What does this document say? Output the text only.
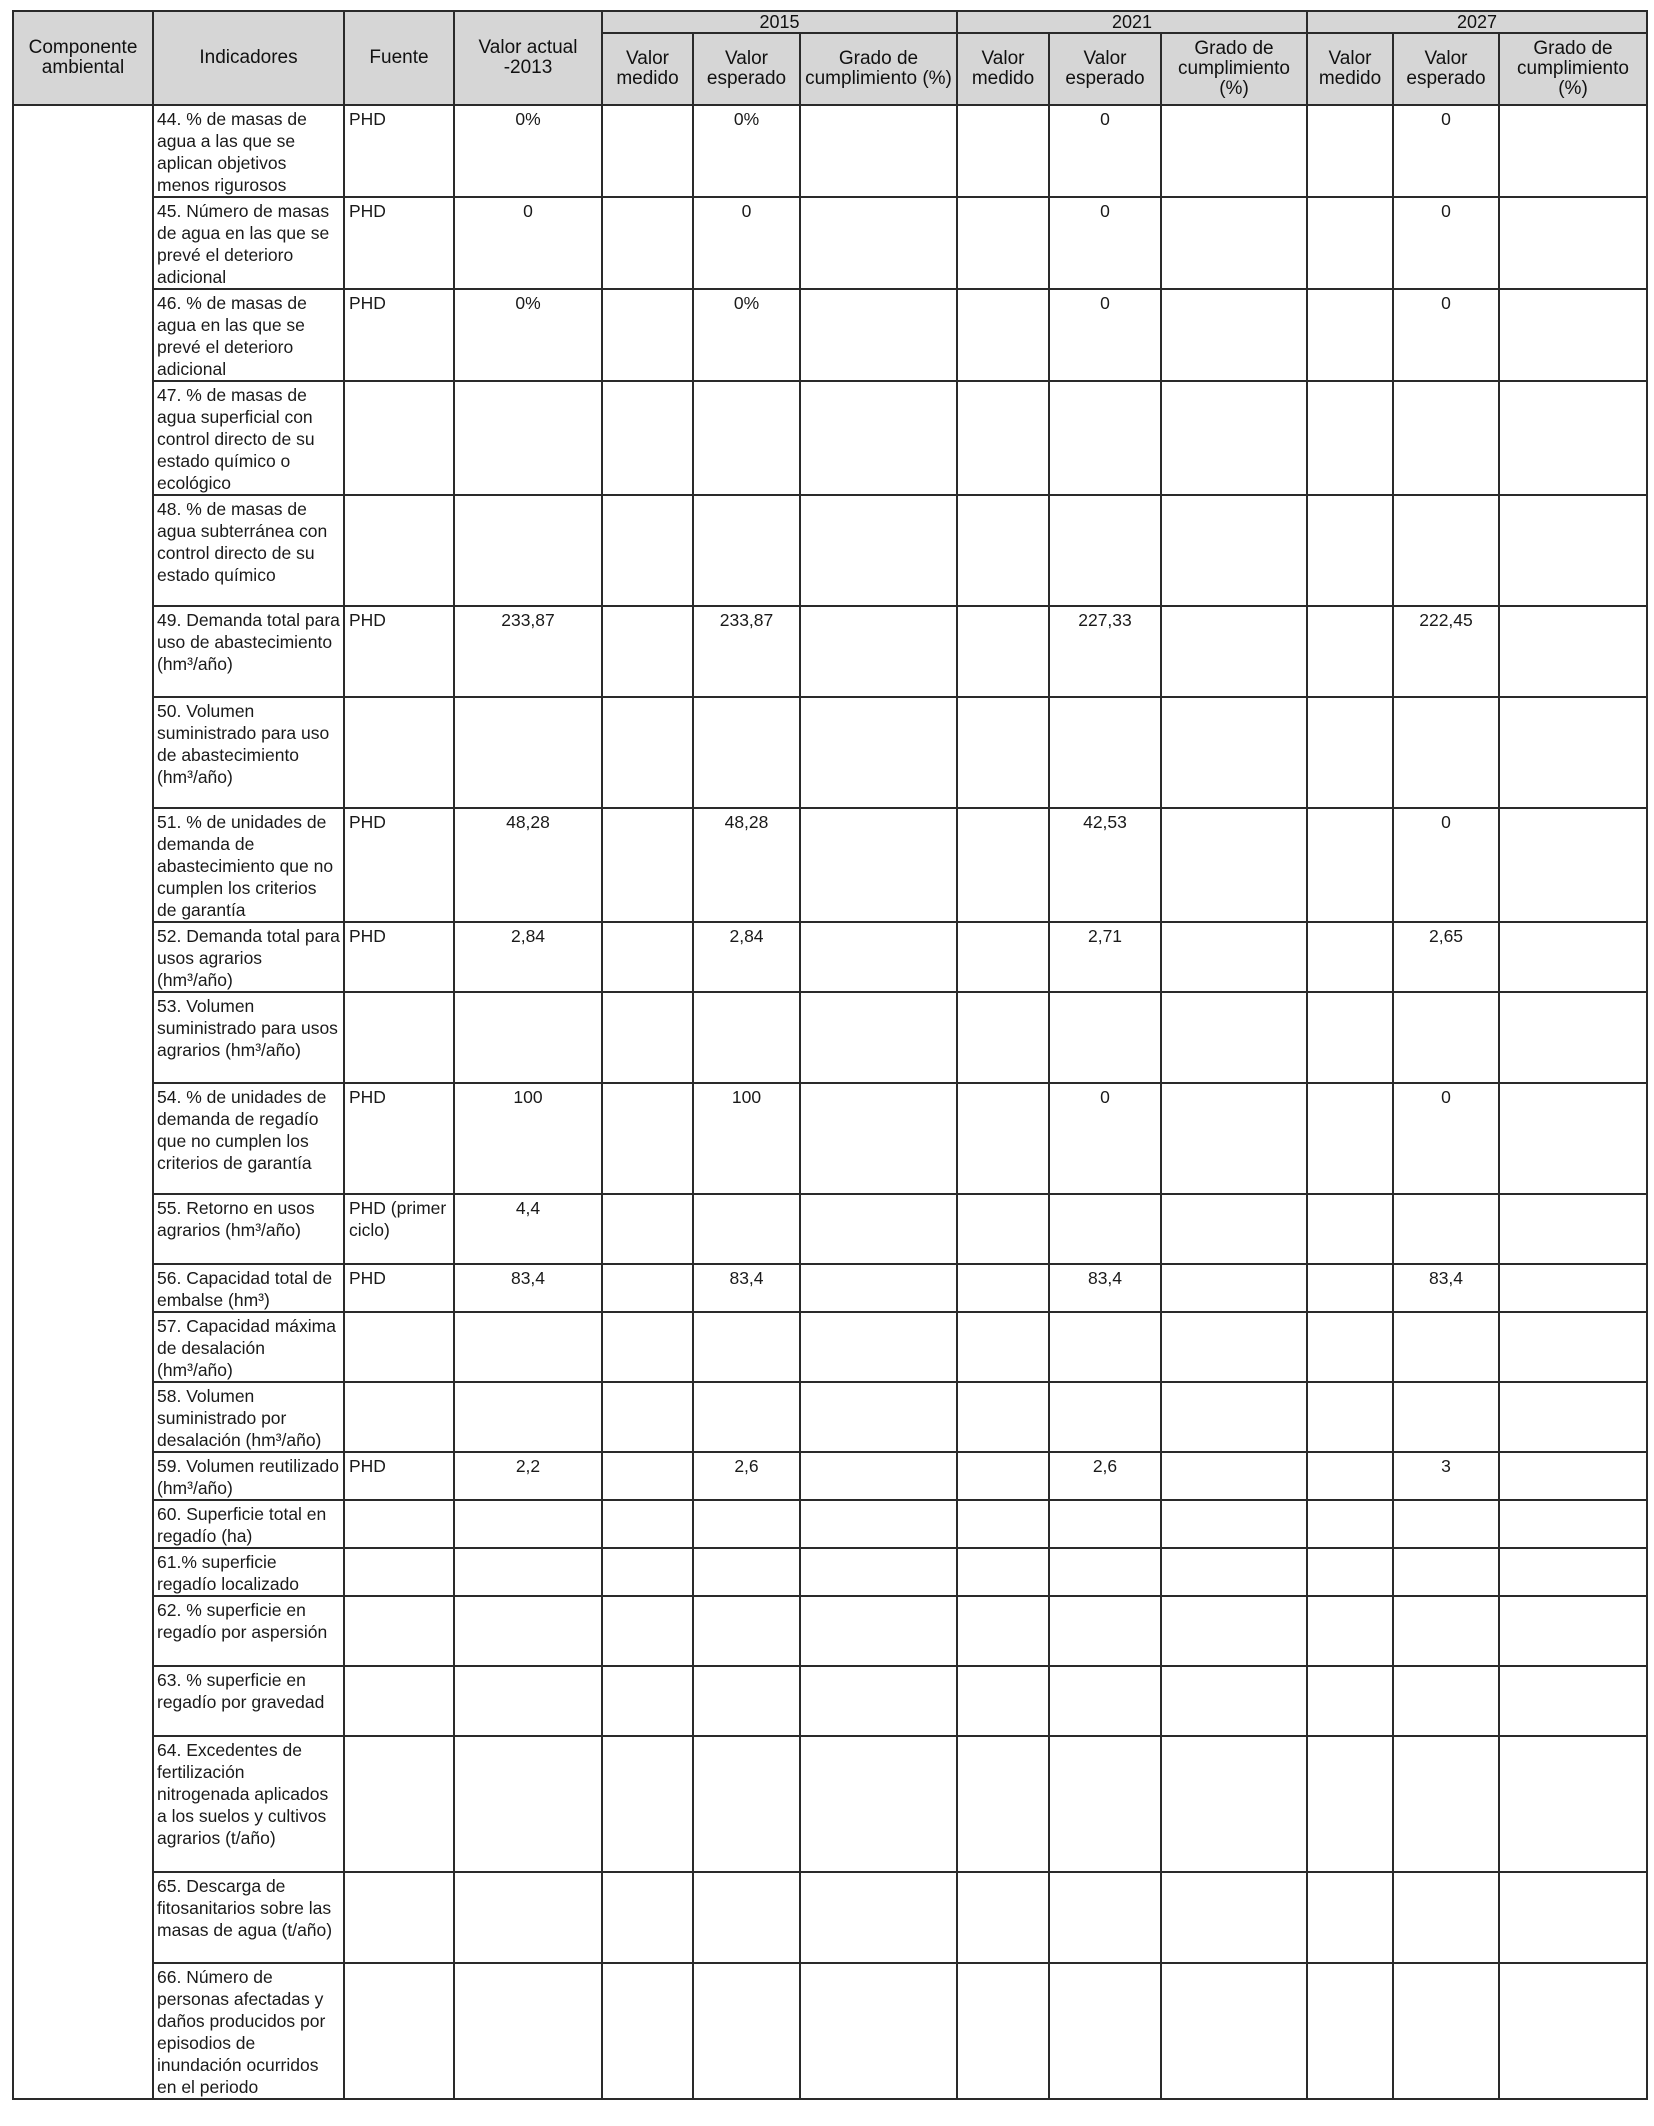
Componente ambiental	Indicadores	Fuente	Valor actual -2013	2015			2021			2027		
				Valor medido	Valor esperado	Grado de cumplimiento (%)	Valor medido	Valor esperado	Grado de cumplimiento (%)	Valor medido	Valor esperado	Grado de cumplimiento (%)
	44. % de masas de agua a las que se aplican objetivos menos rigurosos	PHD	0%		0%			0			0	
	45. Número de masas de agua en las que se prevé el deterioro adicional	PHD	0		0			0			0	
	46. % de masas de agua en las que se prevé el deterioro adicional	PHD	0%		0%			0			0	
	47. % de masas de agua superficial con control directo de su estado químico o ecológico											
	48. % de masas de agua subterránea con control directo de su estado químico											
	49. Demanda total para uso de abastecimiento (hm³/año)	PHD	233,87		233,87			227,33			222,45	
	50. Volumen suministrado para uso de abastecimiento (hm³/año)											
	51. % de unidades de demanda de abastecimiento que no cumplen los criterios de garantía	PHD	48,28		48,28			42,53			0	
	52. Demanda total para usos agrarios (hm³/año)	PHD	2,84		2,84			2,71			2,65	
	53. Volumen suministrado para usos agrarios (hm³/año)											
	54. % de unidades de demanda de regadío que no cumplen los criterios de garantía	PHD	100		100			0			0	
	55. Retorno en usos agrarios (hm³/año)	PHD (primer ciclo)	4,4									
	56. Capacidad total de embalse (hm³)	PHD	83,4		83,4			83,4			83,4	
	57. Capacidad máxima de desalación (hm³/año)											
	58. Volumen suministrado por desalación (hm³/año)											
	59. Volumen reutilizado (hm³/año)	PHD	2,2		2,6			2,6			3	
	60. Superficie total en regadío (ha)											
	61.% superficie regadío localizado											
	62. % superficie en regadío por aspersión											
	63. % superficie en regadío por gravedad											
	64. Excedentes de fertilización nitrogenada aplicados a los suelos y cultivos agrarios (t/año)											
	65. Descarga de fitosanitarios sobre las masas de agua (t/año)											
	66. Número de personas afectadas y daños producidos por episodios de inundación ocurridos en el periodo											
